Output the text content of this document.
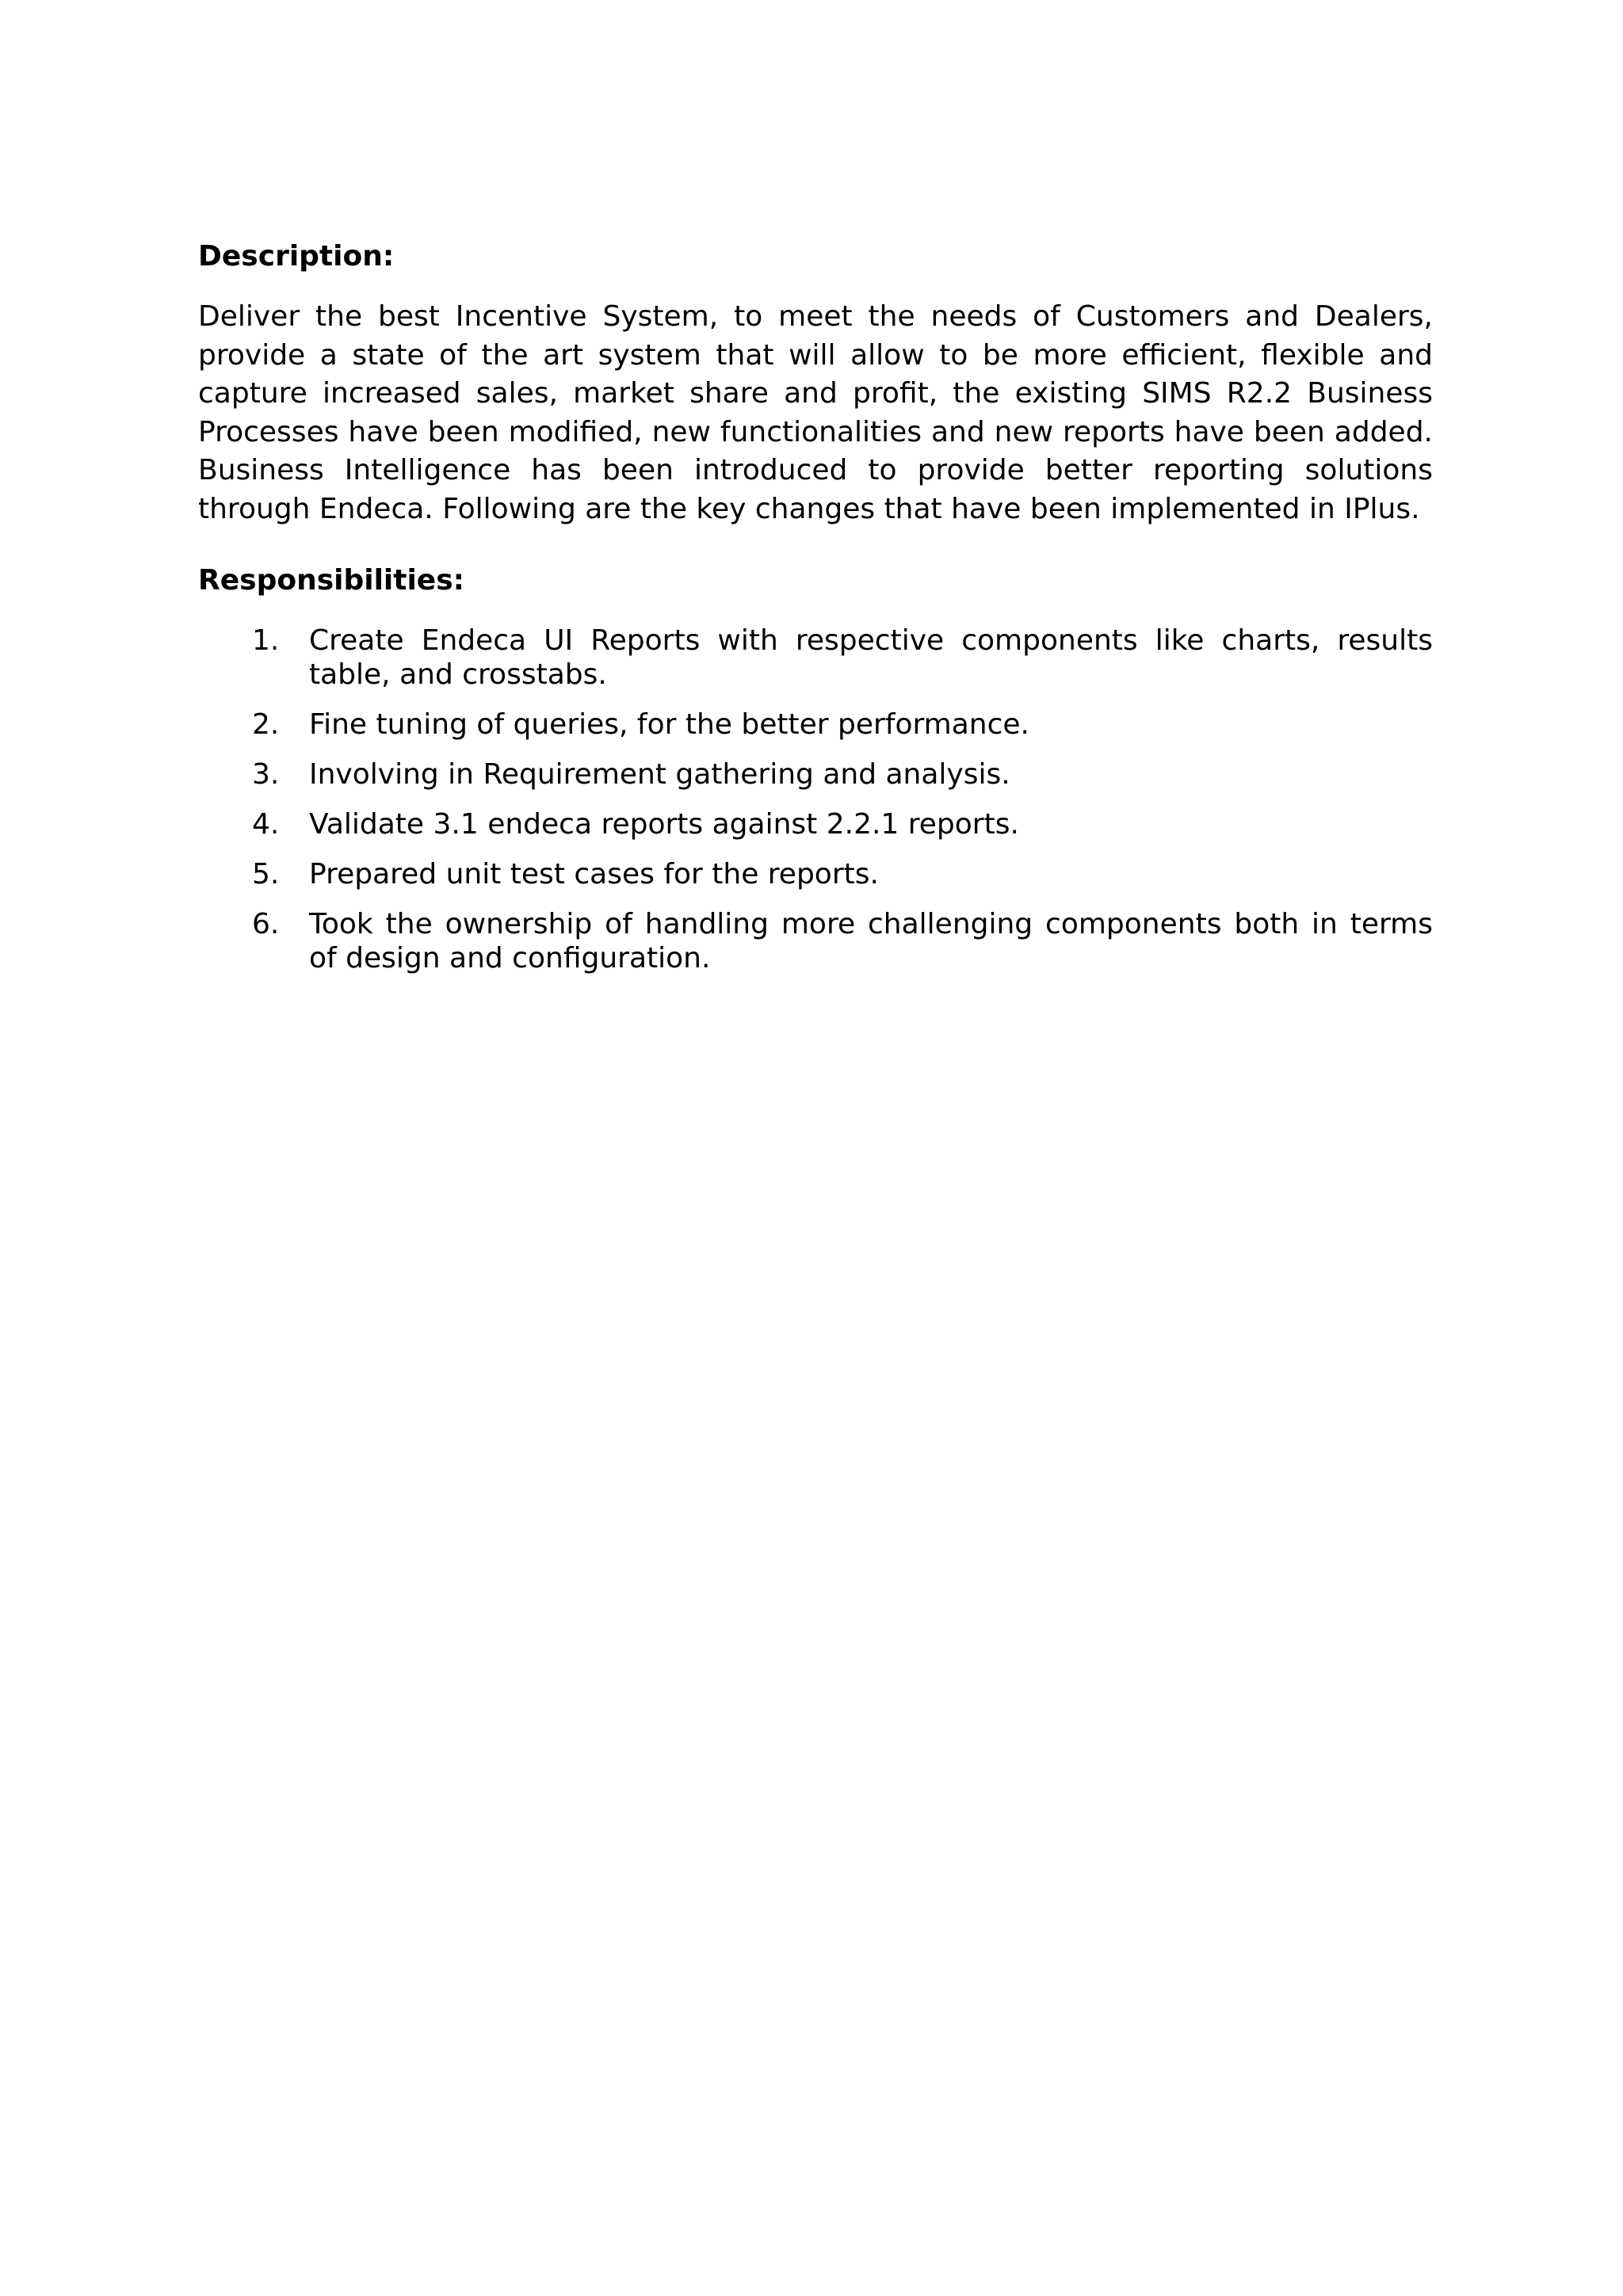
Description:

Deliver the best Incentive System, to meet the needs of Customers and Dealers, provide a state of the art system that will allow to be more efficient, flexible and capture increased sales, market share and profit, the existing SIMS R2.2 Business Processes have been modified, new functionalities and new reports have been added. Business Intelligence has been introduced to provide better reporting solutions through Endeca. Following are the key changes that have been implemented in IPlus.

Responsibilities:
1.	Create Endeca UI Reports with respective components like charts, results table, and crosstabs.
2.	Fine tuning of queries, for the better performance.
3.	Involving in Requirement gathering and analysis.
4.	Validate 3.1 endeca reports against 2.2.1 reports.
5.	Prepared unit test cases for the reports.
6.	Took the ownership of handling more challenging components both in terms of design and configuration.
